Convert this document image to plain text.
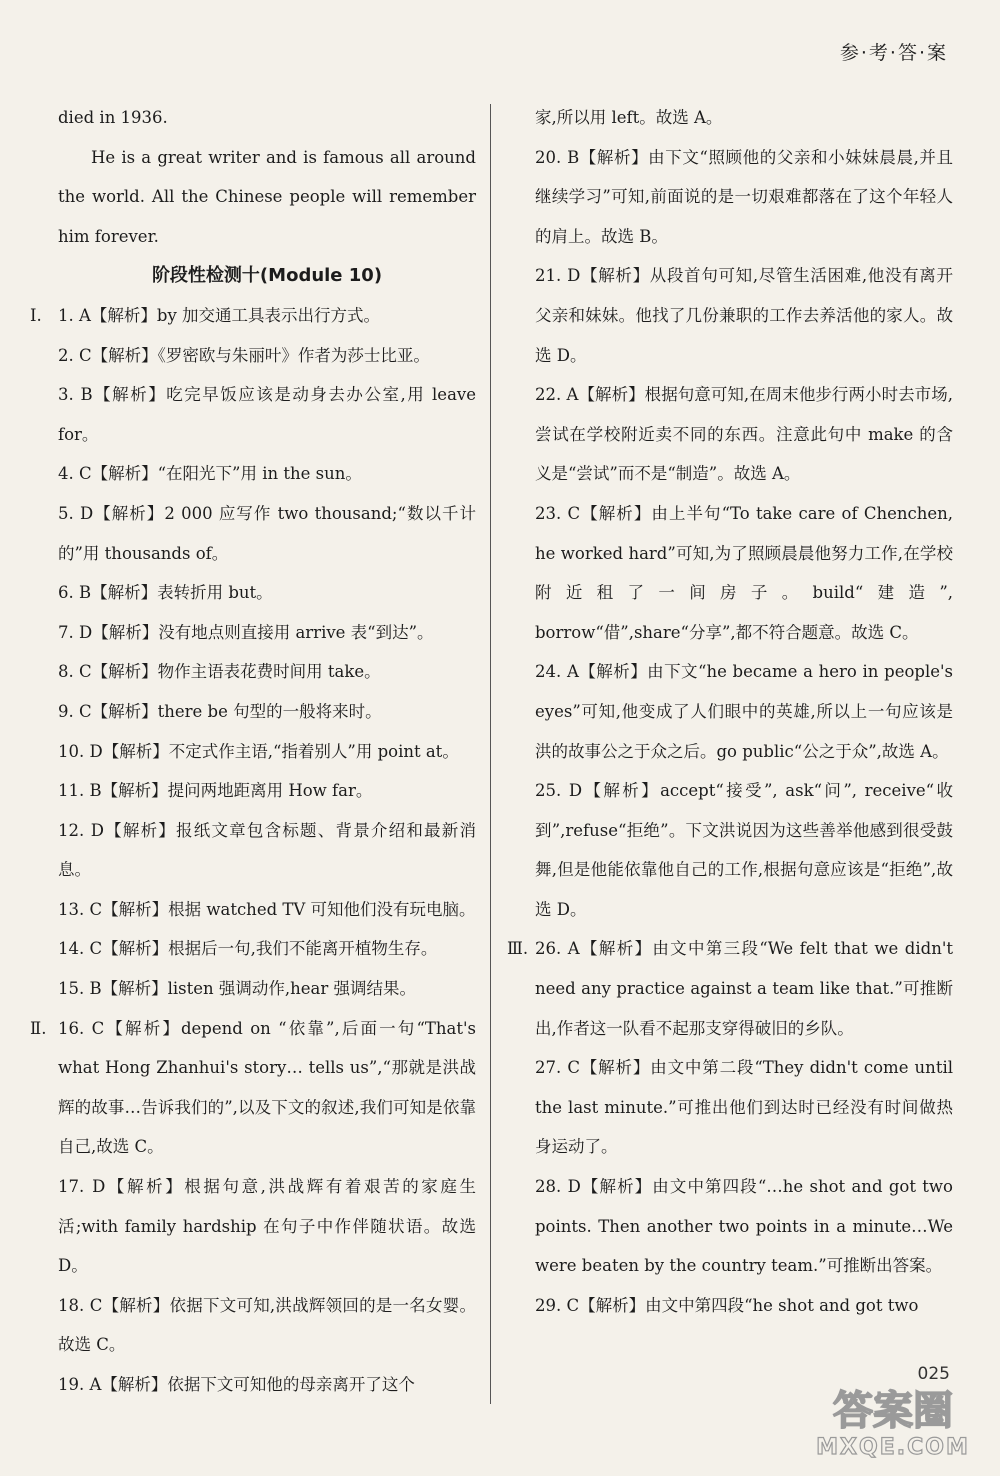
参·考·答·案

died in 1936.

He is a great writer and is famous all around the world. All the Chinese people will remember him forever.

阶段性检测十(Module 10)

Ⅰ. 1. A【解析】by 加交通工具表示出行方式。

2. C【解析】《罗密欧与朱丽叶》作者为莎士比亚。

3. B【解析】吃完早饭应该是动身去办公室,用 leave for。

4. C【解析】“在阳光下”用 in the sun。

5. D【解析】2 000 应写作 two thousand;“数以千计的”用 thousands of。

6. B【解析】表转折用 but。

7. D【解析】没有地点则直接用 arrive 表“到达”。

8. C【解析】物作主语表花费时间用 take。

9. C【解析】there be 句型的一般将来时。

10. D【解析】不定式作主语,“指着别人”用 point at。

11. B【解析】提问两地距离用 How far。

12. D【解析】报纸文章包含标题、背景介绍和最新消息。

13. C【解析】根据 watched TV 可知他们没有玩电脑。

14. C【解析】根据后一句,我们不能离开植物生存。

15. B【解析】listen 强调动作,hear 强调结果。

Ⅱ. 16. C【解析】depend on “依靠”,后面一句“That's what Hong Zhanhui's story… tells us”,“那就是洪战辉的故事…告诉我们的”,以及下文的叙述,我们可知是依靠自己,故选 C。

17. D【解析】根据句意,洪战辉有着艰苦的家庭生活;with family hardship 在句子中作伴随状语。故选 D。

18. C【解析】依据下文可知,洪战辉领回的是一名女婴。故选 C。

19. A【解析】依据下文可知他的母亲离开了这个

家,所以用 left。故选 A。

20. B【解析】由下文“照顾他的父亲和小妹妹晨晨,并且继续学习”可知,前面说的是一切艰难都落在了这个年轻人的肩上。故选 B。

21. D【解析】从段首句可知,尽管生活困难,他没有离开父亲和妹妹。他找了几份兼职的工作去养活他的家人。故选 D。

22. A【解析】根据句意可知,在周末他步行两小时去市场,尝试在学校附近卖不同的东西。注意此句中 make 的含义是“尝试”而不是“制造”。故选 A。

23. C【解析】由上半句“To take care of Chenchen, he worked hard”可知,为了照顾晨晨他努力工作,在学校附近租了一间房子。build“建造”, borrow“借”,share“分享”,都不符合题意。故选 C。

24. A【解析】由下文“he became a hero in people's eyes”可知,他变成了人们眼中的英雄,所以上一句应该是洪的故事公之于众之后。go public“公之于众”,故选 A。

25. D【解析】accept“接受”, ask“问”, receive“收到”,refuse“拒绝”。下文洪说因为这些善举他感到很受鼓舞,但是他能依靠他自己的工作,根据句意应该是“拒绝”,故选 D。

Ⅲ. 26. A【解析】由文中第三段“We felt that we didn't need any practice against a team like that.”可推断出,作者这一队看不起那支穿得破旧的乡队。

27. C【解析】由文中第二段“They didn't come until the last minute.”可推出他们到达时已经没有时间做热身运动了。

28. D【解析】由文中第四段“…he shot and got two points. Then another two points in a minute…We were beaten by the country team.”可推断出答案。

29. C【解析】由文中第四段“he shot and got two

025
答案圈
MXQE.COM
